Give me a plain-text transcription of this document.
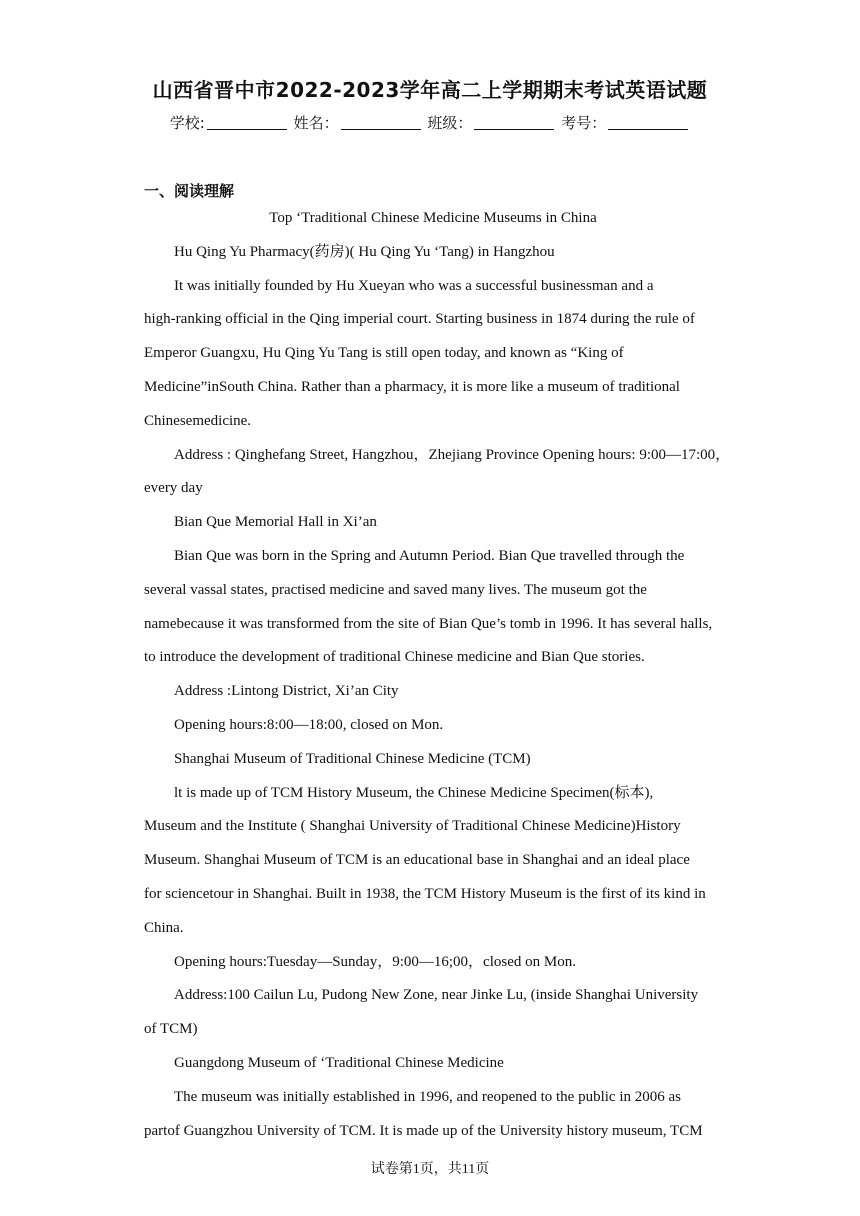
山西省晋中市2022-2023学年高二上学期期末考试英语试题
学校:	姓名：	班级：	考号：
一、阅读理解
Top ‘Traditional Chinese Medicine Museums in China
Hu Qing Yu Pharmacy(药房)( Hu Qing Yu ‘Tang) in Hangzhou
It was initially founded by Hu Xueyan who was a successful businessman and a
high-ranking official in the Qing imperial court. Starting business in 1874 during the rule of
Emperor Guangxu, Hu Qing Yu Tang is still open today, and known as “King of
Medicine”inSouth China. Rather than a pharmacy, it is more like a museum of traditional
Chinesemedicine.
Address : Qinghefang Street, Hangzhou，Zhejiang Province Opening hours: 9:00—17:00，
every day
Bian Que Memorial Hall in Xi’an
Bian Que was born in the Spring and Autumn Period. Bian Que travelled through the
several vassal states, practised medicine and saved many lives. The museum got the
namebecause it was transformed from the site of Bian Que’s tomb in 1996. It has several halls,
to introduce the development of traditional Chinese medicine and Bian Que stories.
Address :Lintong District, Xi’an City
Opening hours:8:00—18:00, closed on Mon.
Shanghai Museum of Traditional Chinese Medicine (TCM)
lt is made up of TCM History Museum, the Chinese Medicine Specimen(标本),
Museum and the Institute ( Shanghai University of Traditional Chinese Medicine)History
Museum. Shanghai Museum of TCM is an educational base in Shanghai and an ideal place
for sciencetour in Shanghai. Built in 1938, the TCM History Museum is the first of its kind in
China.
Opening hours:Tuesday—Sunday，9:00—16;00，closed on Mon.
Address:100 Cailun Lu, Pudong New Zone, near Jinke Lu, (inside Shanghai University
of TCM)
Guangdong Museum of ‘Traditional Chinese Medicine
The museum was initially established in 1996, and reopened to the public in 2006 as
partof Guangzhou University of TCM. It is made up of the University history museum, TCM
试卷第1页，共11页
